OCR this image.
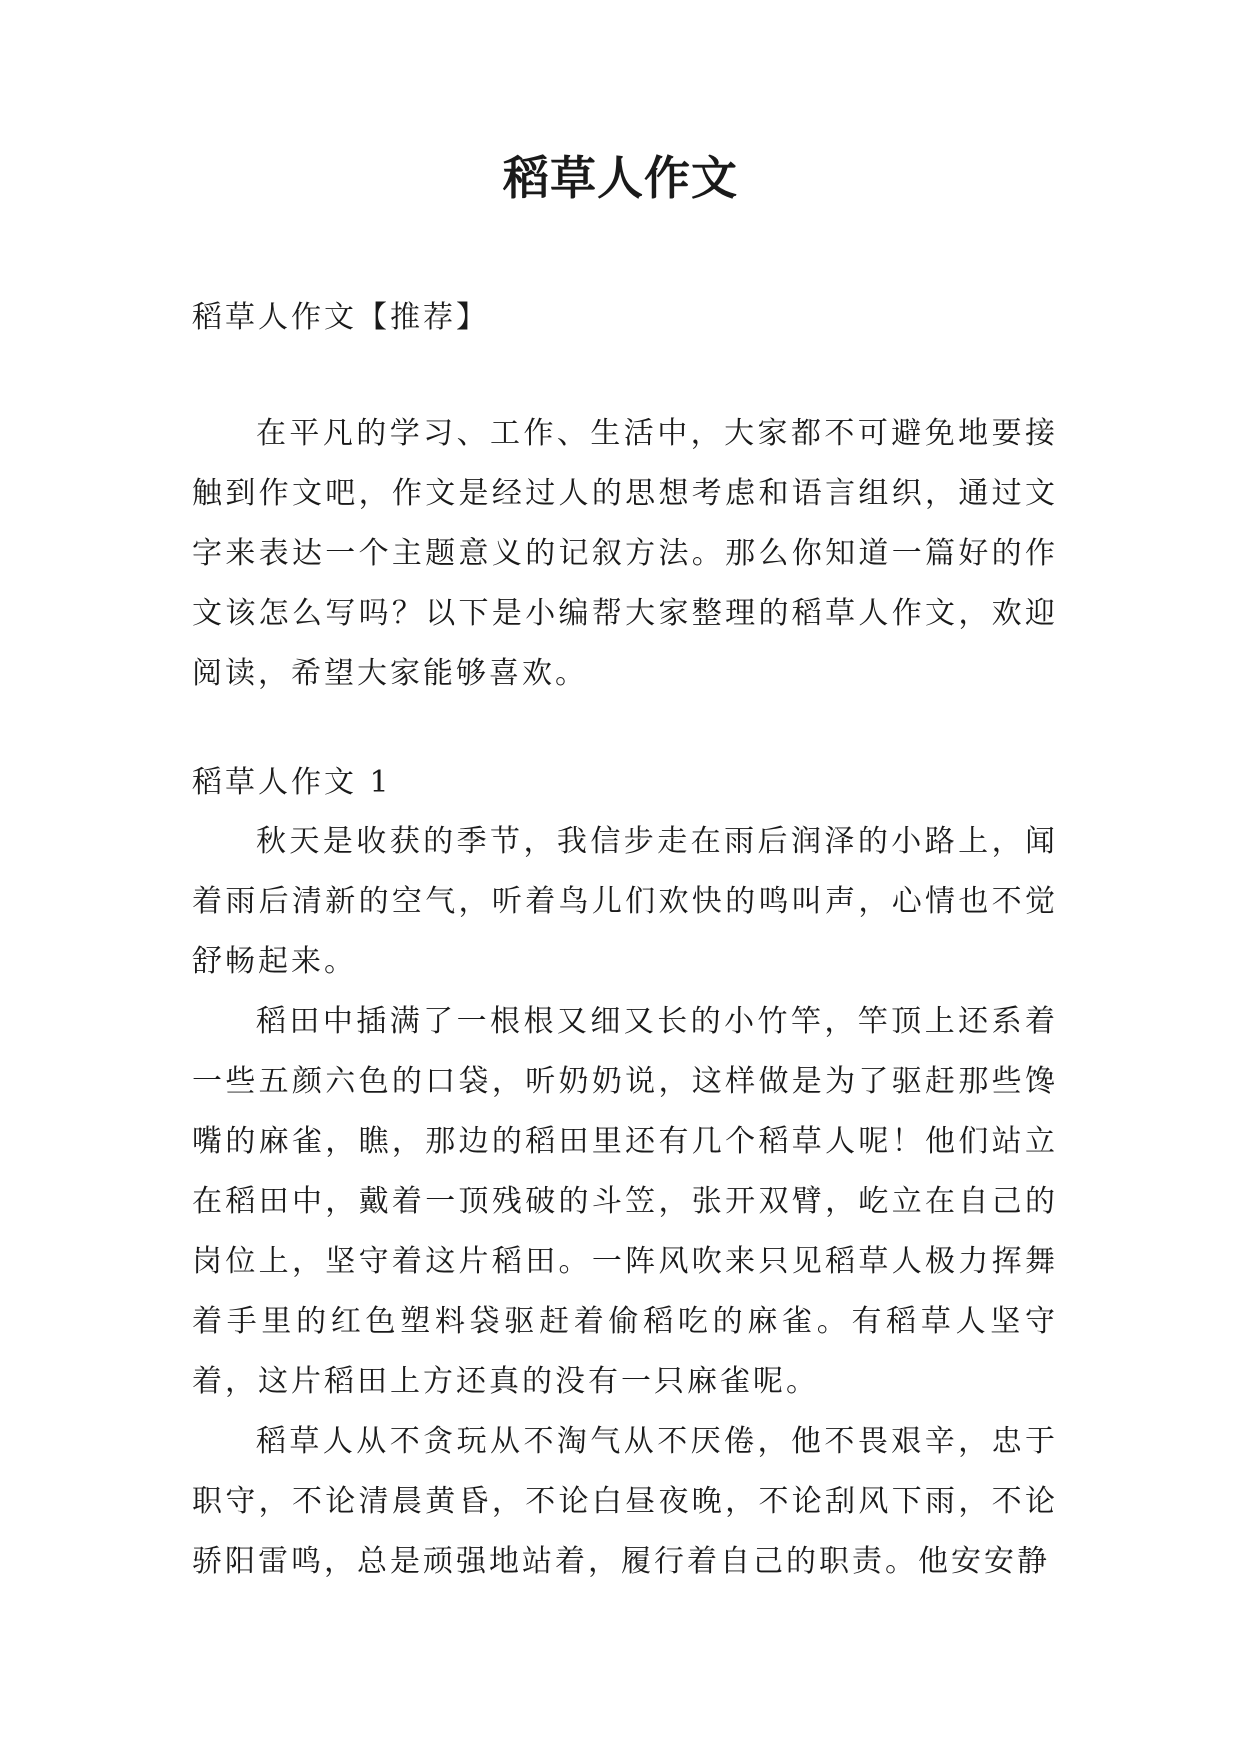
稻草人作文
稻草人作文【推荐】

在平凡的学习、工作、生活中，大家都不可避免地要接触到作文吧，作文是经过人的思想考虑和语言组织，通过文字来表达一个主题意义的记叙方法。那么你知道一篇好的作文该怎么写吗？以下是小编帮大家整理的稻草人作文，欢迎阅读，希望大家能够喜欢。

稻草人作文 1

秋天是收获的季节，我信步走在雨后润泽的小路上，闻着雨后清新的空气，听着鸟儿们欢快的鸣叫声，心情也不觉舒畅起来。

稻田中插满了一根根又细又长的小竹竿，竿顶上还系着一些五颜六色的口袋，听奶奶说，这样做是为了驱赶那些馋嘴的麻雀，瞧，那边的稻田里还有几个稻草人呢！他们站立在稻田中，戴着一顶残破的斗笠，张开双臂，屹立在自己的岗位上，坚守着这片稻田。一阵风吹来只见稻草人极力挥舞着手里的红色塑料袋驱赶着偷稻吃的麻雀。有稻草人坚守着，这片稻田上方还真的没有一只麻雀呢。

稻草人从不贪玩从不淘气从不厌倦，他不畏艰辛，忠于职守，不论清晨黄昏，不论白昼夜晚，不论刮风下雨，不论骄阳雷鸣，总是顽强地站着，履行着自己的职责。他安安静
